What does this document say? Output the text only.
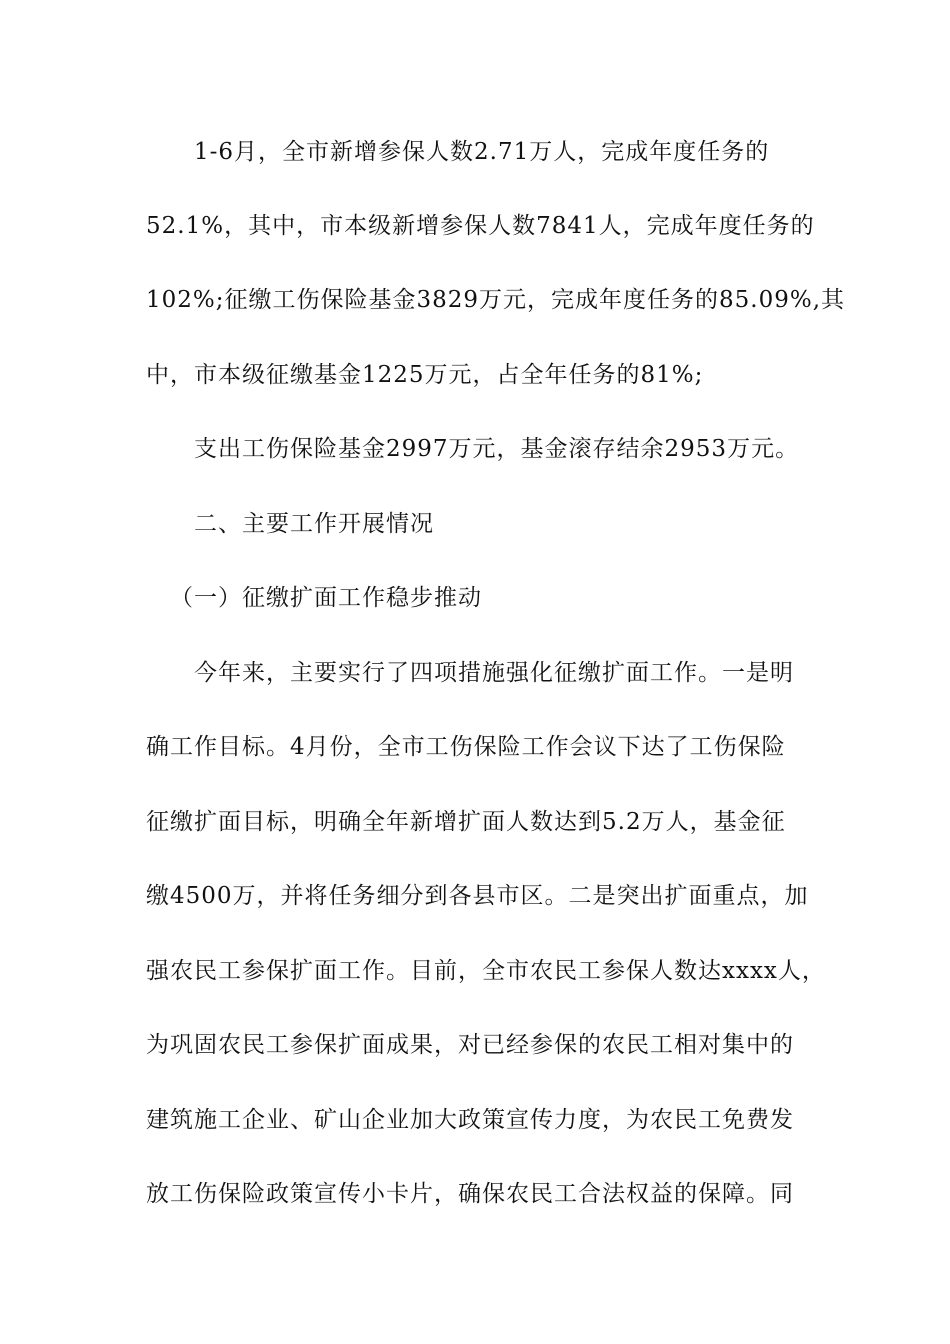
1-6月，全市新增参保人数2.71万人，完成年度任务的

52.1%，其中，市本级新增参保人数7841人，完成年度任务的

102%;征缴工伤保险基金3829万元，完成年度任务的85.09%,其

中，市本级征缴基金1225万元，占全年任务的81%;

支出工伤保险基金2997万元，基金滚存结余2953万元。

二、主要工作开展情况

（一）征缴扩面工作稳步推动

今年来，主要实行了四项措施强化征缴扩面工作。一是明

确工作目标。4月份，全市工伤保险工作会议下达了工伤保险

征缴扩面目标，明确全年新增扩面人数达到5.2万人，基金征

缴4500万，并将任务细分到各县市区。二是突出扩面重点，加

强农民工参保扩面工作。目前，全市农民工参保人数达xxxx人，

为巩固农民工参保扩面成果，对已经参保的农民工相对集中的

建筑施工企业、矿山企业加大政策宣传力度，为农民工免费发

放工伤保险政策宣传小卡片，确保农民工合法权益的保障。同
